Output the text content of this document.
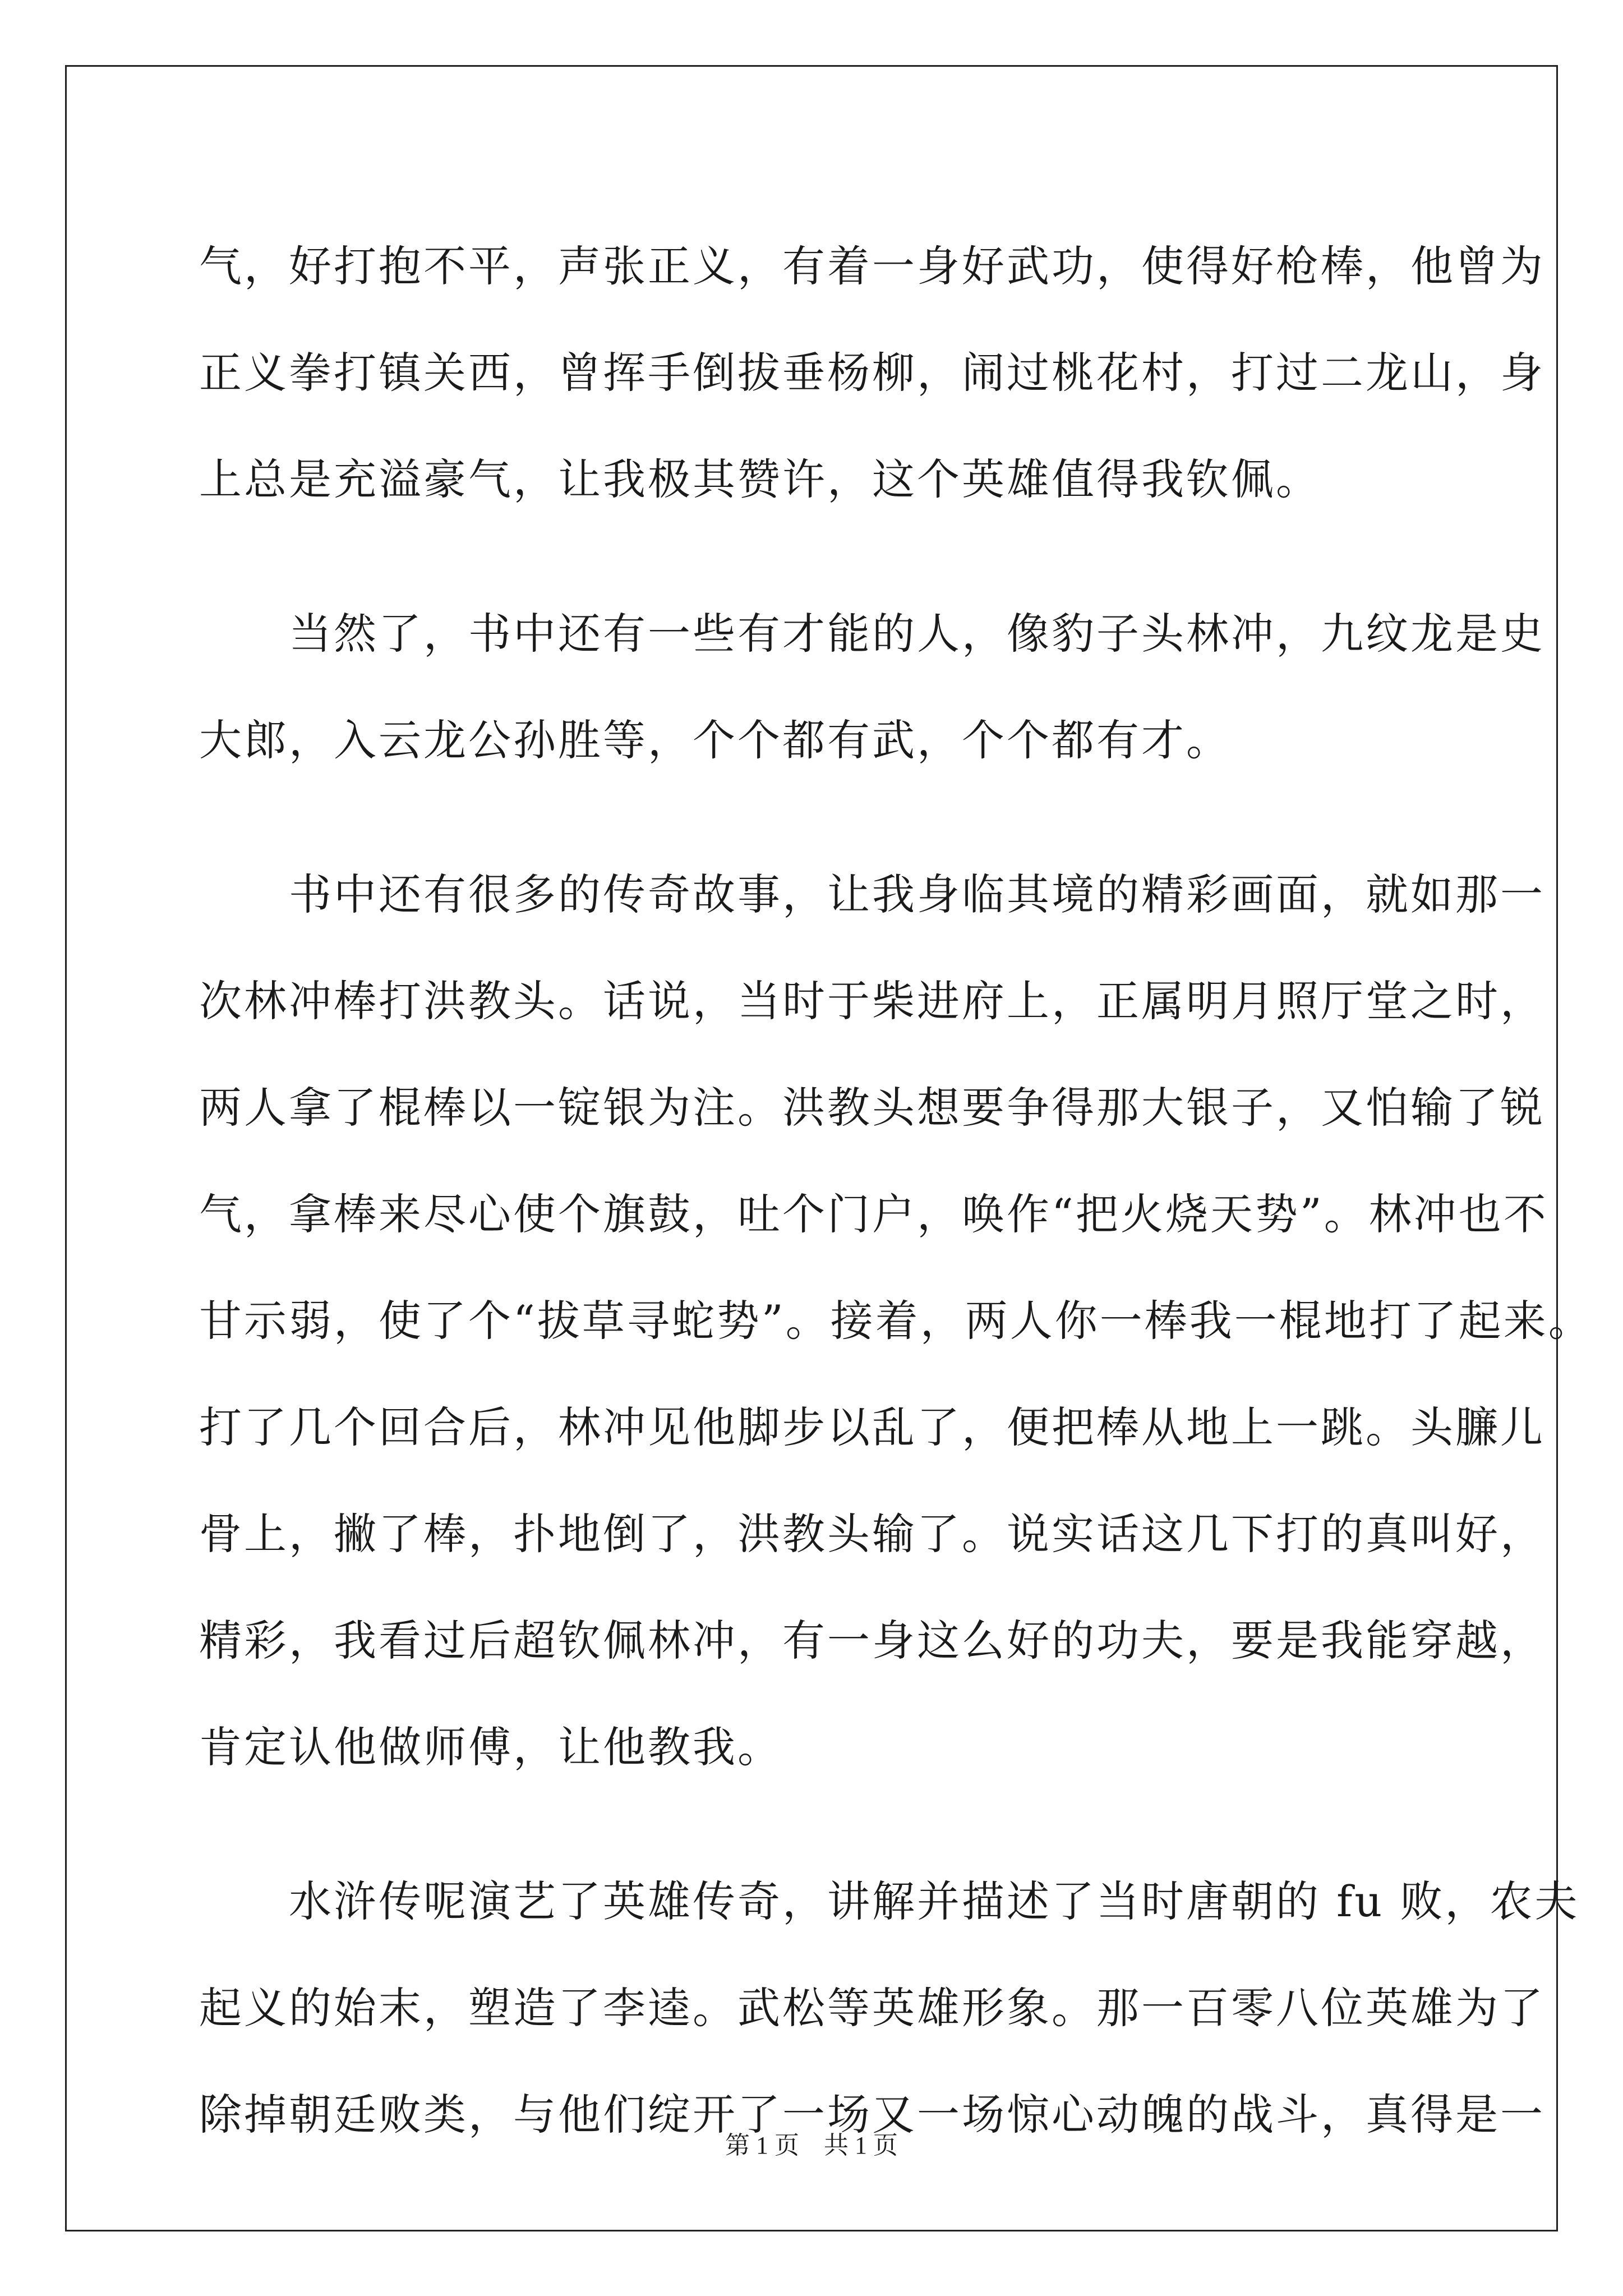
气，好打抱不平，声张正义，有着一身好武功，使得好枪棒，他曾为
正义拳打镇关西，曾挥手倒拔垂杨柳，闹过桃花村，打过二龙山，身
上总是充溢豪气，让我极其赞许，这个英雄值得我钦佩。
　　当然了，书中还有一些有才能的人，像豹子头林冲，九纹龙是史
大郎，入云龙公孙胜等，个个都有武，个个都有才。
　　书中还有很多的传奇故事，让我身临其境的精彩画面，就如那一
次林冲棒打洪教头。话说，当时于柴进府上，正属明月照厅堂之时，
两人拿了棍棒以一锭银为注。洪教头想要争得那大银子，又怕输了锐
气，拿棒来尽心使个旗鼓，吐个门户，唤作“把火烧天势”。林冲也不
甘示弱，使了个“拔草寻蛇势”。接着，两人你一棒我一棍地打了起来。
打了几个回合后，林冲见他脚步以乱了，便把棒从地上一跳。头臁儿
骨上，撇了棒，扑地倒了，洪教头输了。说实话这几下打的真叫好，
精彩，我看过后超钦佩林冲，有一身这么好的功夫，要是我能穿越，
肯定认他做师傅，让他教我。
　　水浒传呢演艺了英雄传奇，讲解并描述了当时唐朝的 fu 败，农夫
起义的始末，塑造了李逵。武松等英雄形象。那一百零八位英雄为了
除掉朝廷败类，与他们绽开了一场又一场惊心动魄的战斗，真得是一
第 1 页　共 1 页
